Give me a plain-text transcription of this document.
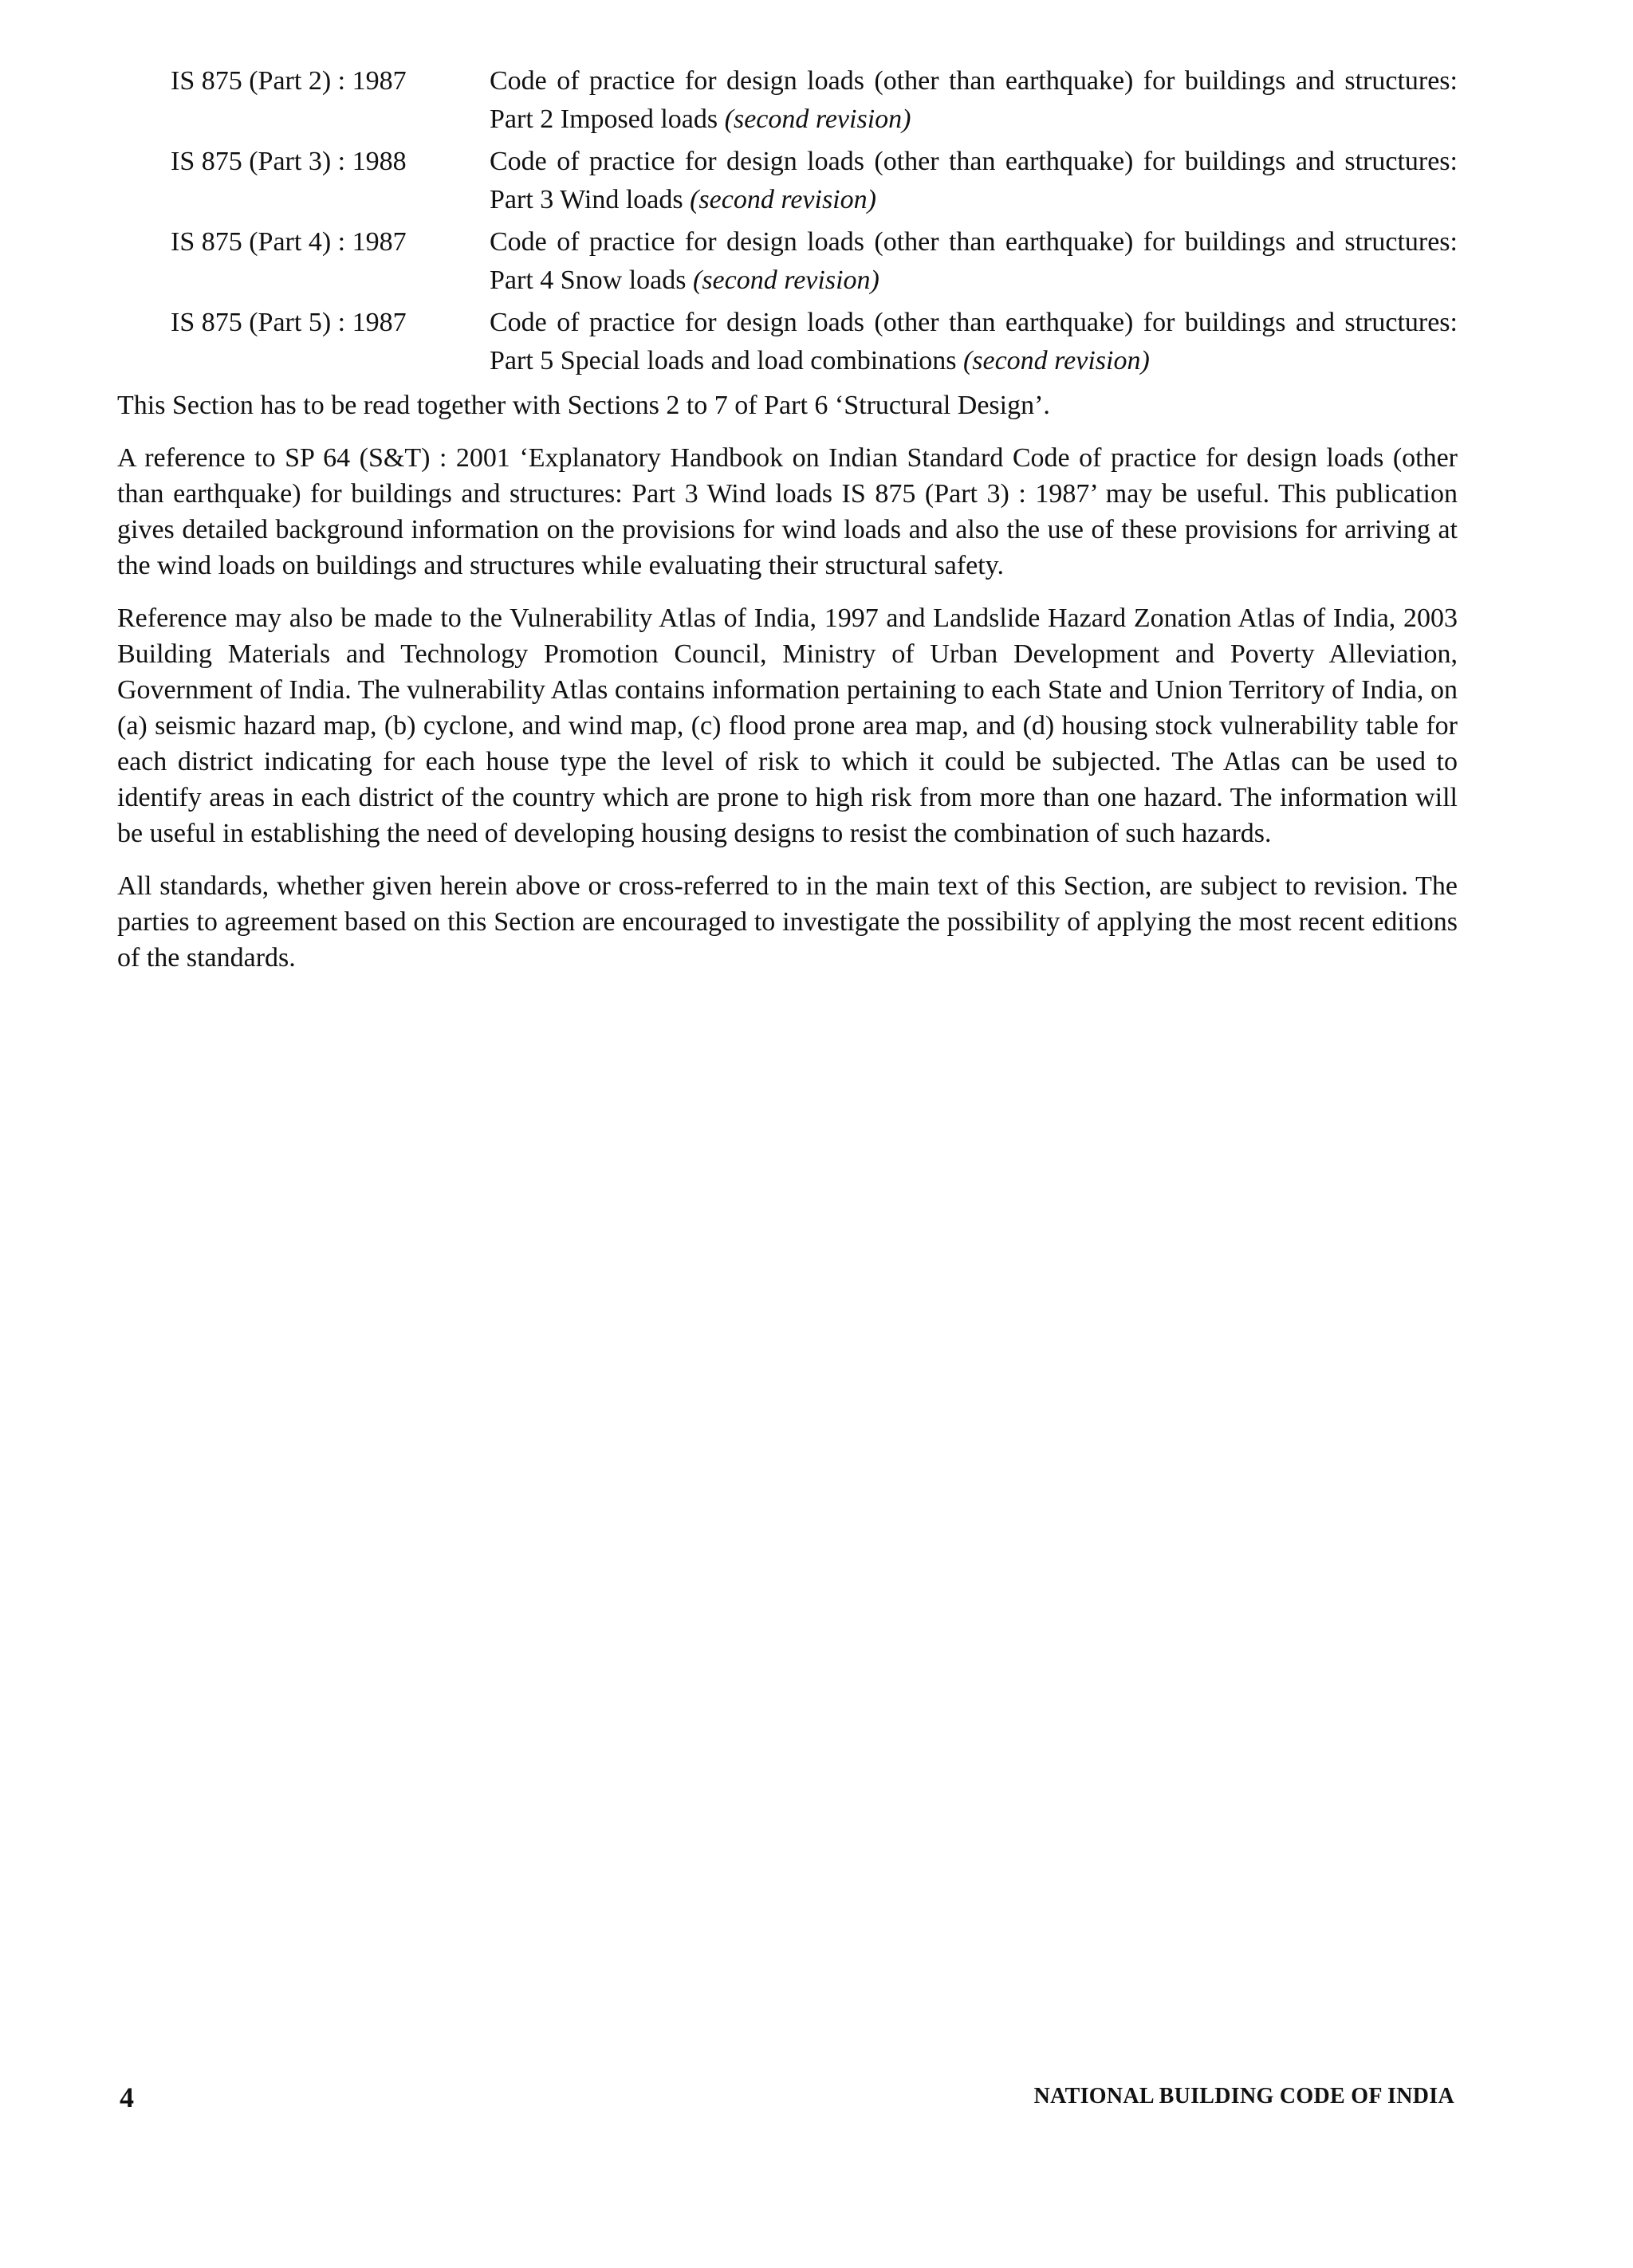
IS 875 (Part 2) : 1987	Code of practice for design loads (other than earthquake) for buildings and structures: Part 2 Imposed loads (second revision)
IS 875 (Part 3) : 1988	Code of practice for design loads (other than earthquake) for buildings and structures: Part 3 Wind loads (second revision)
IS 875 (Part 4) : 1987	Code of practice for design loads (other than earthquake) for buildings and structures: Part 4 Snow loads (second revision)
IS 875 (Part 5) : 1987	Code of practice for design loads (other than earthquake) for buildings and structures: Part 5 Special loads and load combinations (second revision)

This Section has to be read together with Sections 2 to 7 of Part 6 ‘Structural Design’.

A reference to SP 64 (S&T) : 2001 ‘Explanatory Handbook on Indian Standard Code of practice for design loads (other than earthquake) for buildings and structures: Part 3 Wind loads IS 875 (Part 3) : 1987’ may be useful. This publication gives detailed background information on the provisions for wind loads and also the use of these provisions for arriving at the wind loads on buildings and structures while evaluating their structural safety.

Reference may also be made to the Vulnerability Atlas of India, 1997 and Landslide Hazard Zonation Atlas of India, 2003 Building Materials and Technology Promotion Council, Ministry of Urban Development and Poverty Alleviation, Government of India. The vulnerability Atlas contains information pertaining to each State and Union Territory of India, on (a) seismic hazard map, (b) cyclone, and wind map, (c) flood prone area map, and (d) housing stock vulnerability table for each district indicating for each house type the level of risk to which it could be subjected. The Atlas can be used to identify areas in each district of the country which are prone to high risk from more than one hazard. The information will be useful in establishing the need of developing housing designs to resist the combination of such hazards.

All standards, whether given herein above or cross-referred to in the main text of this Section, are subject to revision. The parties to agreement based on this Section are encouraged to investigate the possibility of applying the most recent editions of the standards.

4	NATIONAL BUILDING CODE OF INDIA
